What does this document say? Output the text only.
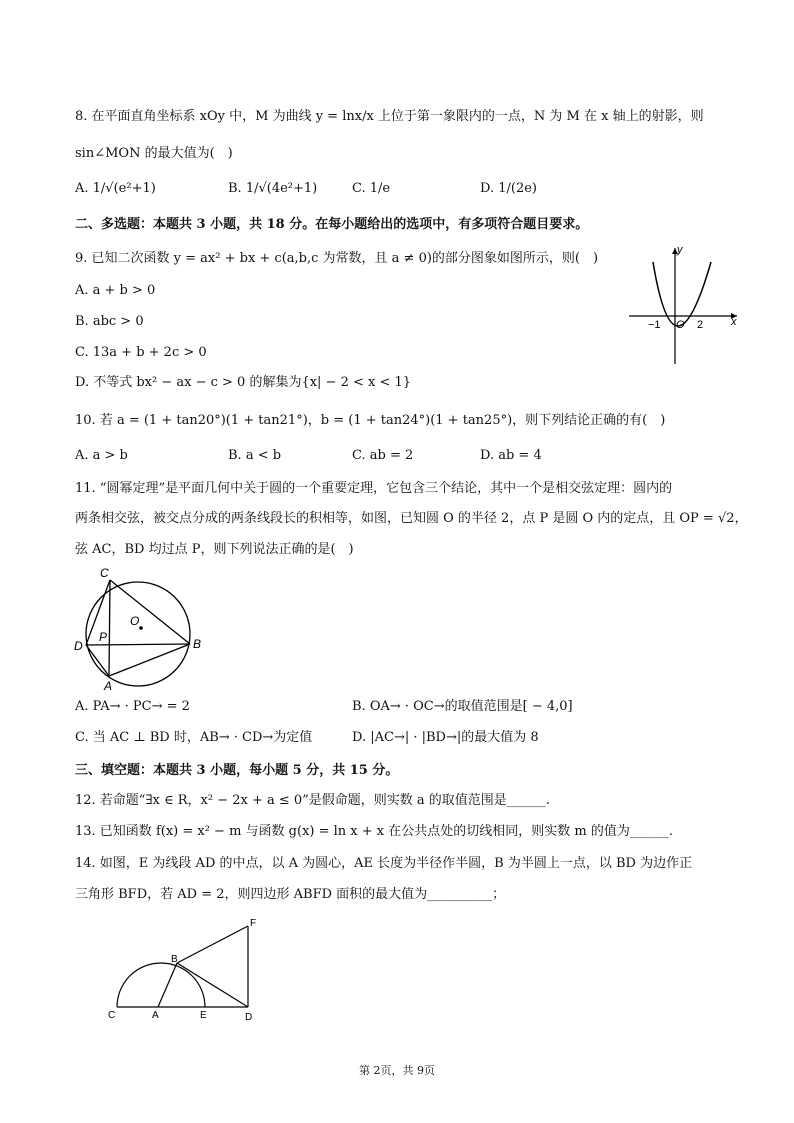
8. 在平面直角坐标系 xOy 中，M 为曲线 y = lnx/x 上位于第一象限内的一点，N 为 M 在 x 轴上的射影，则
sin∠MON 的最大值为(　)
A. 1/√(e²+1)	B. 1/√(4e²+1)	C. 1/e	D. 1/(2e)
二、多选题：本题共 3 小题，共 18 分。在每小题给出的选项中，有多项符合题目要求。
9. 已知二次函数 y = ax² + bx + c(a,b,c 为常数，且 a ≠ 0)的部分图象如图所示，则(　)
A. a + b > 0
B. abc > 0
C. 13a + b + 2c > 0
D. 不等式 bx² − ax − c > 0 的解集为{x| − 2 < x < 1}
x
y
−1 O 2
10. 若 a = (1 + tan20°)(1 + tan21°)，b = (1 + tan24°)(1 + tan25°)，则下列结论正确的有(　)
A. a > b	B. a < b	C. ab = 2	D. ab = 4
11. “圆幂定理”是平面几何中关于圆的一个重要定理，它包含三个结论，其中一个是相交弦定理：圆内的
两条相交弦，被交点分成的两条线段长的积相等，如图，已知圆 O 的半径 2，点 P 是圆 O 内的定点，且 OP = √2，
弦 AC，BD 均过点 P，则下列说法正确的是(　)
C
O
D
P	B
A
A. PA→ · PC→ = 2	B. OA→ · OC→的取值范围是[ − 4,0]
C. 当 AC ⊥ BD 时，AB→ · CD→为定值	D. |AC→| · |BD→|的最大值为 8
三、填空题：本题共 3 小题，每小题 5 分，共 15 分。
12. 若命题“∃x ∈ R，x² − 2x + a ≤ 0”是假命题，则实数 a 的取值范围是______.
13. 已知函数 f(x) = x² − m 与函数 g(x) = ln x + x 在公共点处的切线相同，则实数 m 的值为______.
14. 如图，E 为线段 AD 的中点，以 A 为圆心，AE 长度为半径作半圆，B 为半圆上一点，以 BD 为边作正
三角形 BFD，若 AD = 2，则四边形 ABFD 面积的最大值为__________；
F
B
C	A	E	D
第 2页，共 9页
